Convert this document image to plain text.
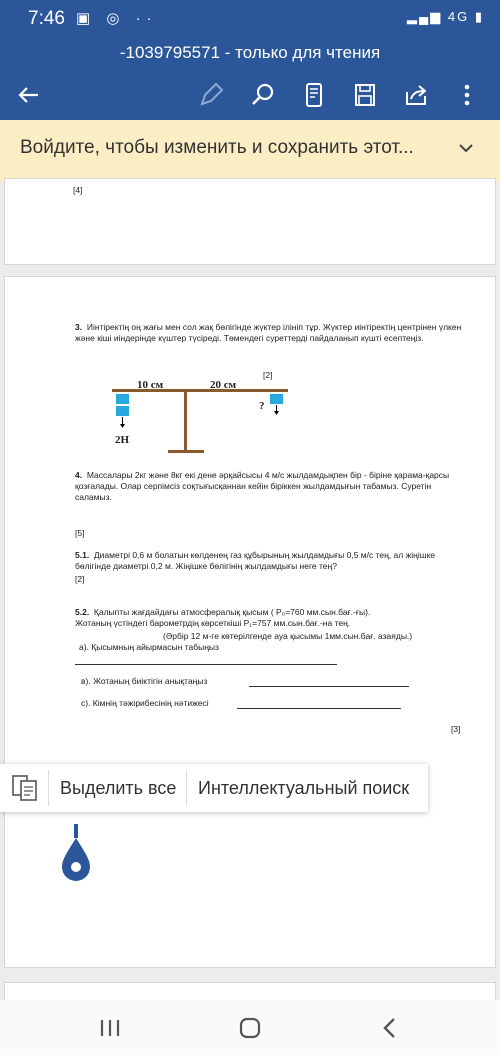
7:46 ▣ ◎ ··	▂▄▆ 4G ▮
-1039795571 - только для чтения
Войдите, чтобы изменить и сохранить этот...
[4]
3. Иінтіректің оң жағы мен сол жақ бөлігінде жүктер ілініп тұр. Жүктер иінтіректің центрінен үлкен және кіші иіндерінде күштер түсіреді. Төмендегі суреттерді пайдаланып күшті есептеңіз.
[2]
10 см	20 см
?
2Н
4. Массалары 2кг және 8кг екі дене әрқайсысы 4 м/с жылдамдықпен бір - біріне қарама-қарсы қозғалады. Олар серпімсіз соқтығысқаннан кейін біріккен жылдамдығын табамыз. Суретін саламыз.
[5]
5.1. Диаметрі 0,6 м болатын көлденең газ құбырының жылдамдығы 0,5 м/с тең, ал жіңішке бөлігінде диаметрі 0,2 м. Жіңішке бөлігінің жылдамдығы неге тең?
[2]
5.2. Қалыпты жағдайдағы атмосфералық қысым ( P₀=760 мм.сын.бағ.-ғы).
Жотаның үстіндегі барометрдің көрсеткіші P₁=757 мм.сын.бағ.-на тең.
(Әрбір 12 м-ге көтерілгенде ауа қысымы 1мм.сын.бағ. азаяды.)
а). Қысымның айырмасын табыңыз
в). Жотаның биіктігін анықтаңыз
с). Кімнің тәжірибесінің нәтижесі
[3]
Выделить все Интеллектуальный поиск
